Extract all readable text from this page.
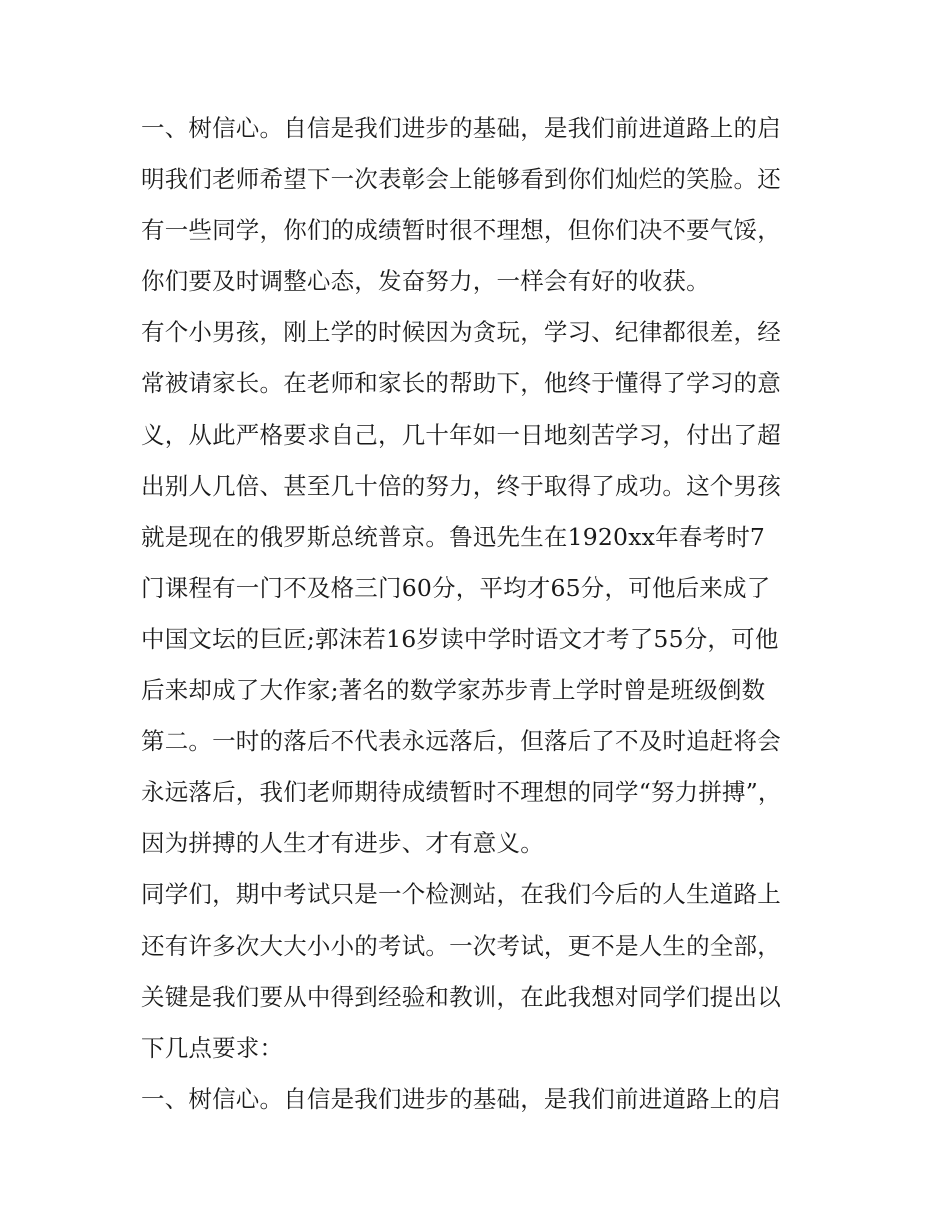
一、树信心。自信是我们进步的基础，是我们前进道路上的启
明我们老师希望下一次表彰会上能够看到你们灿烂的笑脸。还
有一些同学，你们的成绩暂时很不理想，但你们决不要气馁，
你们要及时调整心态，发奋努力，一样会有好的收获。
有个小男孩，刚上学的时候因为贪玩，学习、纪律都很差，经
常被请家长。在老师和家长的帮助下，他终于懂得了学习的意
义，从此严格要求自己，几十年如一日地刻苦学习，付出了超
出别人几倍、甚至几十倍的努力，终于取得了成功。这个男孩
就是现在的俄罗斯总统普京。鲁迅先生在1920xx年春考时7
门课程有一门不及格三门60分，平均才65分，可他后来成了
中国文坛的巨匠;郭沫若16岁读中学时语文才考了55分，可他
后来却成了大作家;著名的数学家苏步青上学时曾是班级倒数
第二。一时的落后不代表永远落后，但落后了不及时追赶将会
永远落后，我们老师期待成绩暂时不理想的同学“努力拼搏”，
因为拼搏的人生才有进步、才有意义。
同学们，期中考试只是一个检测站，在我们今后的人生道路上
还有许多次大大小小的考试。一次考试，更不是人生的全部，
关键是我们要从中得到经验和教训，在此我想对同学们提出以
下几点要求：
一、树信心。自信是我们进步的基础，是我们前进道路上的启
